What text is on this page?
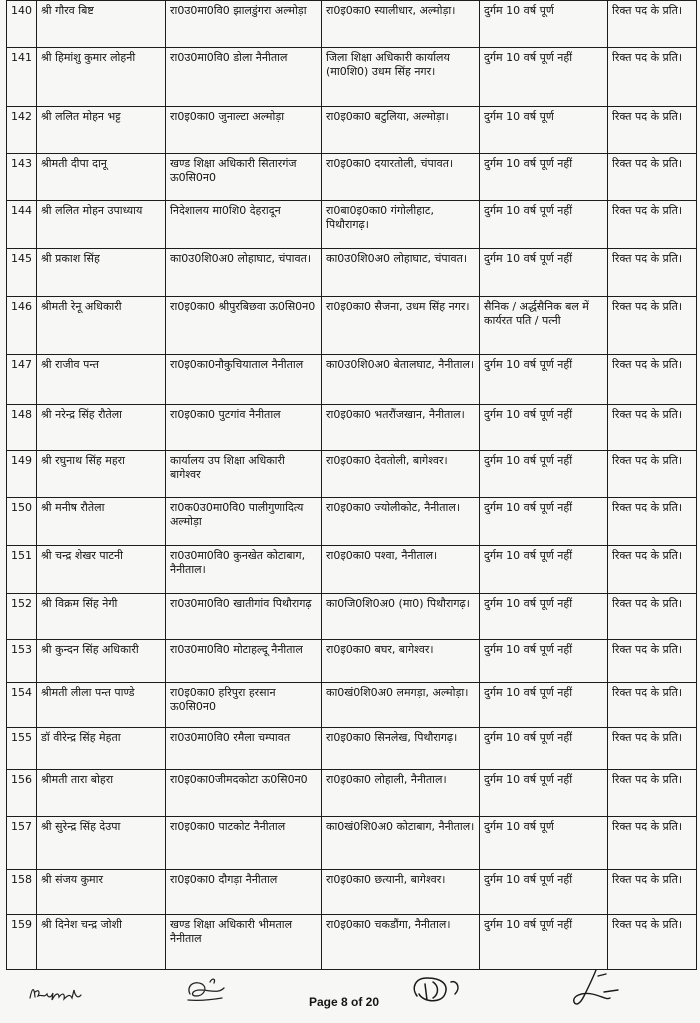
140	श्री गौरव बिष्ट	रा0उ0मा0वि0 झालडुंगरा अल्मोड़ा	रा0इ0का0 स्यालीधार, अल्मोड़ा।	दुर्गम 10 वर्ष पूर्ण	रिक्त पद के प्रति।
141	श्री हिमांशु कुमार लोहनी	रा0उ0मा0वि0 डोला नैनीताल	जिला शिक्षा अधिकारी कार्यालय (मा0शि0) उधम सिंह नगर।	दुर्गम 10 वर्ष पूर्ण नहीं	रिक्त पद के प्रति।
142	श्री ललित मोहन भट्ट	रा0इ0का0 जुनाल्टा अल्मोड़ा	रा0इ0का0 बटुलिया, अल्मोड़ा।	दुर्गम 10 वर्ष पूर्ण	रिक्त पद के प्रति।
143	श्रीमती दीपा दानू	खण्ड शिक्षा अधिकारी सितारगंज ऊ0सि0न0	रा0इ0का0 दयारतोली, चंपावत।	दुर्गम 10 वर्ष पूर्ण नहीं	रिक्त पद के प्रति।
144	श्री ललित मोहन उपाध्याय	निदेशालय मा0शि0 देहरादून	रा0बा0इ0का0 गंगोलीहाट, पिथौरागढ़।	दुर्गम 10 वर्ष पूर्ण नहीं	रिक्त पद के प्रति।
145	श्री प्रकाश सिंह	का0उ0शि0अ0 लोहाघाट, चंपावत।	का0उ0शि0अ0 लोहाघाट, चंपावत।	दुर्गम 10 वर्ष पूर्ण नहीं	रिक्त पद के प्रति।
146	श्रीमती रेनू अधिकारी	रा0इ0का0 श्रीपुरबिछवा ऊ0सि0न0	रा0इ0का0 सैजना, उधम सिंह नगर।	सैनिक / अर्द्धसैनिक बल में कार्यरत पति / पत्नी	रिक्त पद के प्रति।
147	श्री राजीव पन्त	रा0इ0का0नौकुचियाताल नैनीताल	का0उ0शि0अ0 बेतालघाट, नैनीताल।	दुर्गम 10 वर्ष पूर्ण नहीं	रिक्त पद के प्रति।
148	श्री नरेन्द्र सिंह रौतेला	रा0इ0का0 पुटगांव नैनीताल	रा0इ0का0 भतरौंजखान, नैनीताल।	दुर्गम 10 वर्ष पूर्ण नहीं	रिक्त पद के प्रति।
149	श्री रघुनाथ सिंह महरा	कार्यालय उप शिक्षा अधिकारी बागेश्वर	रा0इ0का0 देवतोली, बागेश्वर।	दुर्गम 10 वर्ष पूर्ण नहीं	रिक्त पद के प्रति।
150	श्री मनीष रौतेला	रा0क0उ0मा0वि0 पालीगुणादित्य अल्मोड़ा	रा0इ0का0 ज्योलीकोट, नैनीताल।	दुर्गम 10 वर्ष पूर्ण नहीं	रिक्त पद के प्रति।
151	श्री चन्द्र शेखर पाटनी	रा0उ0मा0वि0 कुनखेत कोटाबाग, नैनीताल।	रा0इ0का0 पश्वा, नैनीताल।	दुर्गम 10 वर्ष पूर्ण नहीं	रिक्त पद के प्रति।
152	श्री विक्रम सिंह नेगी	रा0उ0मा0वि0 खातीगांव पिथौरागढ़	का0जि0शि0अ0 (मा0) पिथौरागढ़।	दुर्गम 10 वर्ष पूर्ण नहीं	रिक्त पद के प्रति।
153	श्री कुन्दन सिंह अधिकारी	रा0उ0मा0वि0 मोटाहल्दू नैनीताल	रा0इ0का0 बघर, बागेश्वर।	दुर्गम 10 वर्ष पूर्ण नहीं	रिक्त पद के प्रति।
154	श्रीमती लीला पन्त पाण्डे	रा0इ0का0 हरिपुरा हरसान ऊ0सि0न0	का0खं0शि0अ0 लमगड़ा, अल्मोड़ा।	दुर्गम 10 वर्ष पूर्ण नहीं	रिक्त पद के प्रति।
155	डॉ वीरेन्द्र सिंह मेहता	रा0उ0मा0वि0 रमैला चम्पावत	रा0इ0का0 सिनलेख, पिथौरागढ़।	दुर्गम 10 वर्ष पूर्ण नहीं	रिक्त पद के प्रति।
156	श्रीमती तारा बोहरा	रा0इ0का0जीमदकोटा ऊ0सि0न0	रा0इ0का0 लोहाली, नैनीताल।	दुर्गम 10 वर्ष पूर्ण नहीं	रिक्त पद के प्रति।
157	श्री सुरेन्द्र सिंह देउपा	रा0इ0का0 पाटकोट नैनीताल	का0खं0शि0अ0 कोटाबाग, नैनीताल।	दुर्गम 10 वर्ष पूर्ण	रिक्त पद के प्रति।
158	श्री संजय कुमार	रा0इ0का0 दौगड़ा नैनीताल	रा0इ0का0 छत्यानी, बागेश्वर।	दुर्गम 10 वर्ष पूर्ण नहीं	रिक्त पद के प्रति।
159	श्री दिनेश चन्द्र जोशी	खण्ड शिक्षा अधिकारी भीमताल नैनीताल	रा0इ0का0 चकडौंगा, नैनीताल।	दुर्गम 10 वर्ष पूर्ण नहीं	रिक्त पद के प्रति।
Page 8 of 20
